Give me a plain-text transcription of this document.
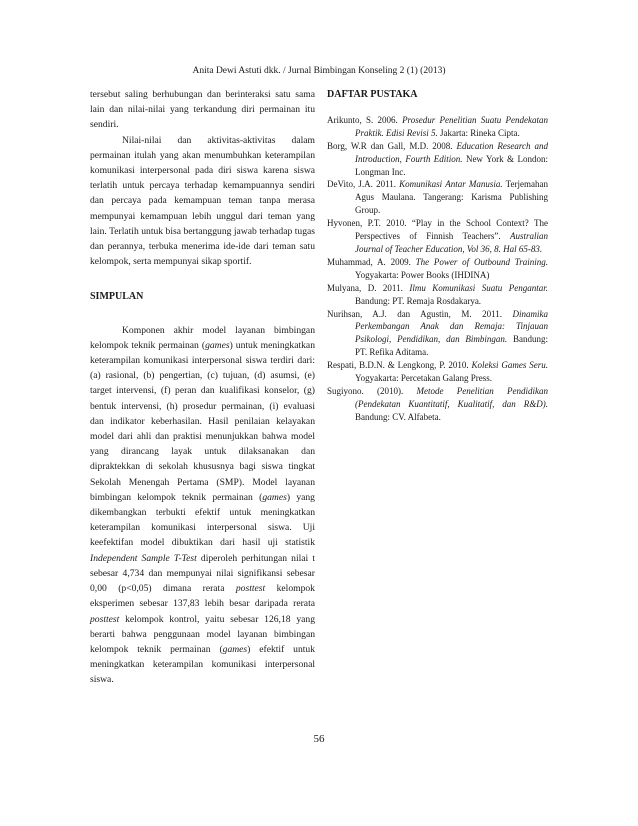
Anita Dewi Astuti dkk. / Jurnal Bimbingan Konseling 2 (1) (2013)

tersebut saling berhubungan dan berinteraksi satu sama lain dan nilai-nilai yang terkandung diri permainan itu sendiri.

Nilai-nilai dan aktivitas-aktivitas dalam permainan itulah yang akan menumbuhkan keterampilan komunikasi interpersonal pada diri siswa karena siswa terlatih untuk percaya terhadap kemampuannya sendiri dan percaya pada kemampuan teman tanpa merasa mempunyai kemampuan lebih unggul dari teman yang lain. Terlatih untuk bisa bertanggung jawab terhadap tugas dan perannya, terbuka menerima ide-ide dari teman satu kelompok, serta mempunyai sikap sportif.

SIMPULAN

Komponen akhir model layanan bimbingan kelompok teknik permainan (games) untuk meningkatkan keterampilan komunikasi interpersonal siswa terdiri dari: (a) rasional, (b) pengertian, (c) tujuan, (d) asumsi, (e) target intervensi, (f) peran dan kualifikasi konselor, (g) bentuk intervensi, (h) prosedur permainan, (i) evaluasi dan indikator keberhasilan. Hasil penilaian kelayakan model dari ahli dan praktisi menunjukkan bahwa model yang dirancang layak untuk dilaksanakan dan dipraktekkan di sekolah khususnya bagi siswa tingkat Sekolah Menengah Pertama (SMP). Model layanan bimbingan kelompok teknik permainan (games) yang dikembangkan terbukti efektif untuk meningkatkan keterampilan komunikasi interpersonal siswa. Uji keefektifan model dibuktikan dari hasil uji statistik Independent Sample T-Test diperoleh perhitungan nilai t sebesar 4,734 dan mempunyai nilai signifikansi sebesar 0,00 (p<0,05) dimana rerata posttest kelompok eksperimen sebesar 137,83 lebih besar daripada rerata posttest kelompok kontrol, yaitu sebesar 126,18 yang berarti bahwa penggunaan model layanan bimbingan kelompok teknik permainan (games) efektif untuk meningkatkan keterampilan komunikasi interpersonal siswa.

DAFTAR PUSTAKA

Arikunto, S. 2006. Prosedur Penelitian Suatu Pendekatan Praktik. Edisi Revisi 5. Jakarta: Rineka Cipta.

Borg, W.R dan Gall, M.D. 2008. Education Research and Introduction, Fourth Edition. New York & London: Longman Inc.

DeVito, J.A. 2011. Komunikasi Antar Manusia. Terjemahan Agus Maulana. Tangerang: Karisma Publishing Group.

Hyvonen, P.T. 2010. “Play in the School Context? The Perspectives of Finnish Teachers”. Australian Journal of Teacher Education, Vol 36, 8. Hal 65-83.

Muhammad, A. 2009. The Power of Outbound Training. Yogyakarta: Power Books (IHDINA)

Mulyana, D. 2011. Ilmu Komunikasi Suatu Pengantar. Bandung: PT. Remaja Rosdakarya.

Nurihsan, A.J. dan Agustin, M. 2011. Dinamika Perkembangan Anak dan Remaja: Tinjauan Psikologi, Pendidikan, dan Bimbingan. Bandung: PT. Refika Aditama.

Respati, B.D.N. & Lengkong, P. 2010. Koleksi Games Seru. Yogyakarta: Percetakan Galang Press.

Sugiyono. (2010). Metode Penelitian Pendidikan (Pendekatan Kuantitatif, Kualitatif, dan R&D). Bandung: CV. Alfabeta.

56
